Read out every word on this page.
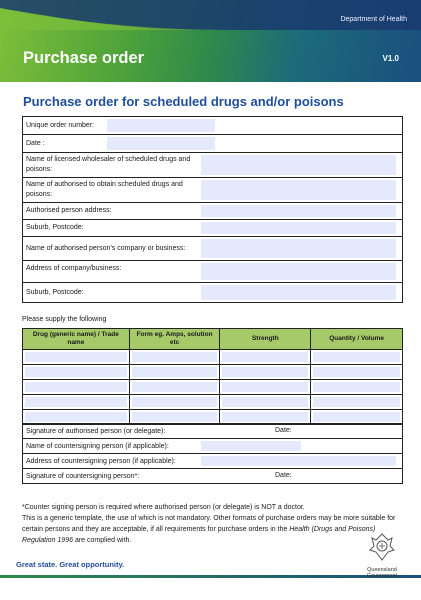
Department of Health
Purchase order	V1.0
Purchase order for scheduled drugs and/or poisons
Unique order number:

Date :

Name of licensed wholesaler of scheduled drugs and poisons:

Name of authorised to obtain scheduled drugs and poisons:

Authorised person address:

Suburb, Postcode:

Name of authorised person's company or business:

Address of company/business:

Suburb, Postcode:
Please supply the following
Drug (generic name) / Trade name	Form eg. Amps, solution etc	Strength	Quantity / Volume

Signature of authorised person (or delegate):	Date:

Name of countersigning person (if applicable):

Address of countersigning person (if applicable):

Signature of countersigning person*:	Date:

*Counter signing person is required where authorised person (or delegate) is NOT a doctor.

This is a generic template, the use of which is not mandatory. Other formats of purchase orders may be more suitable for certain persons and they are acceptable, if all requirements for purchase orders in the Health (Drugs and Poisons) Regulation 1996 are complied with.

Great state. Great opportunity.
Queensland Government
